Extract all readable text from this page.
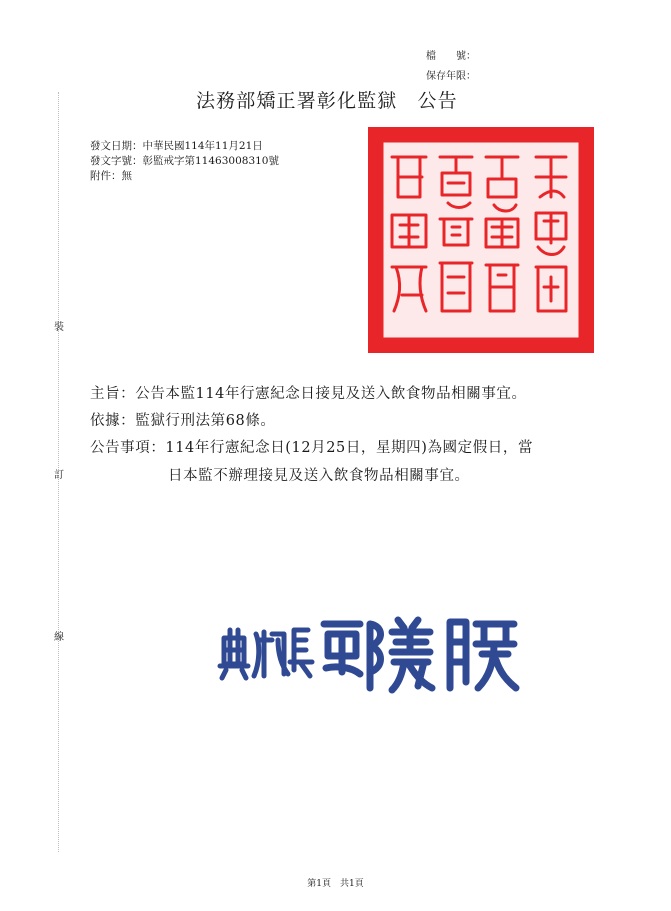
檔　　號：
保存年限：
法務部矯正署彰化監獄　公告
發文日期：中華民國114年11月21日
發文字號：彰監戒字第11463008310號
附件：無
主旨：公告本監114年行憲紀念日接見及送入飲食物品相關事宜。
依據：監獄行刑法第68條。
公告事項：114年行憲紀念日(12月25日，星期四)為國定假日，當
日本監不辦理接見及送入飲食物品相關事宜。
裝
訂
線
第1頁　共1頁
